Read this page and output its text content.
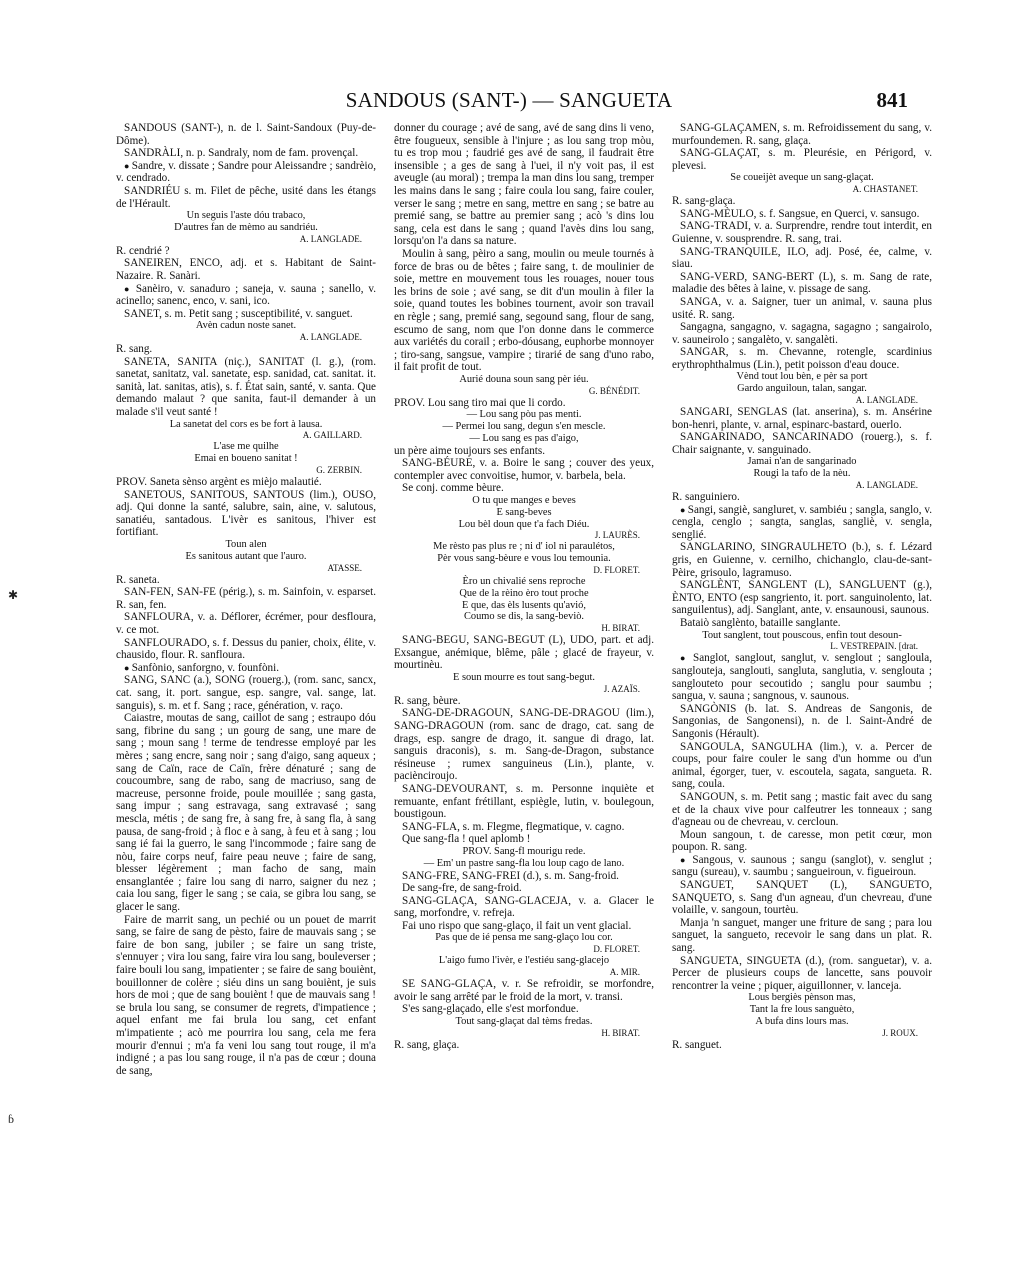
SANDOUS (SANT-) — SANGUETA	841

SANDOUS (SANT-), n. de l. Saint-Sandoux (Puy-de-Dôme).

SANDRÀLI, n. p. Sandraly, nom de fam. provençal.

● Sandre, v. dissate ; Sandre pour Aleissandre ; sandrèio, v. cendrado.

SANDRIÉU s. m. Filet de pêche, usité dans les étangs de l'Hérault.

Un seguis l'aste dóu trabaco,

D'autres fan de mèmo au sandriéu.

A. LANGLADE.

R. cendrié ?

SANEIREN, ENCO, adj. et s. Habitant de Saint-Nazaire. R. Sanàri.

● Sanèiro, v. sanaduro ; saneja, v. sauna ; sanello, v. acinello; sanenc, enco, v. sani, ico.

SANET, s. m. Petit sang ; susceptibilité, v. sanguet.

Avèn cadun noste sanet.

A. LANGLADE.

R. sang.

SANETA, SANITA (niç.), SANITAT (l. g.), (rom. sanetat, sanitatz, val. sanetate, esp. sanidad, cat. sanitat. it. sanità, lat. sanitas, atis), s. f. État sain, santé, v. santa. Que demando malaut ? que sanita, faut-il demander à un malade s'il veut santé !

La sanetat del cors es be fort à lausa.

A. GAILLARD.

L'ase me quilhe

Emai en boueno sanitat !

G. ZERBIN.

PROV. Saneta sènso argènt es mièjo malautié.

SANETOUS, SANITOUS, SANTOUS (lim.), OUSO, adj. Qui donne la santé, salubre, sain, aine, v. salutous, sanatiéu, santadous. L'ivèr es sanitous, l'hiver est fortifiant.

Toun alen

Es sanitous autant que l'auro.

ATASSE.

R. saneta.

SAN-FEN, SAN-FE (périg.), s. m. Sainfoin, v. esparset. R. san, fen.

SANFLOURA, v. a. Déflorer, écrémer, pour desflourа, v. ce mot.

SANFLOURADO, s. f. Dessus du panier, choix, élite, v. chausido, flour. R. sanfloura.

● Sanfònio, sanforgno, v. founfòni.

SANG, SANC (a.), SONG (rouerg.), (rom. sanc, sancx, cat. sang, it. port. sangue, esp. sangre, val. sange, lat. sanguis), s. m. et f. Sang ; race, génération, v. raço.

Caiastre, moutas de sang, caillot de sang ; estraupo dóu sang, fibrine du sang ; un gourg de sang, une mare de sang ; moun sang ! terme de tendresse employé par les mères ; sang encre, sang noir ; sang d'aigo, sang aqueux ; sang de Caïn, race de Caïn, frère dénaturé ; sang de coucoumbre, sang de rabo, sang de macriuso, sang de macreuse, personne froide, poule mouillée ; sang gasta, sang impur ; sang estravaga, sang extravasé ; sang mescla, métis ; de sang fre, à sang fre, à sang fla, à sang pausa, de sang-froid ; à floc e à sang, à feu et à sang ; lou sang ié fai la guerro, le sang l'incommode ; faire sang de nòu, faire corps neuf, faire peau neuve ; faire de sang, blesser légèrement ; man facho de sang, main ensanglantée ; faire lou sang di narro, saigner du nez ; caia lou sang, figer le sang ; se caia, se gibra lou sang, se glacer le sang.

Faire de marrit sang, un pechié ou un pouet de marrit sang, se faire de sang de pèsto, faire de mauvais sang ; se faire de bon sang, jubiler ; se faire un sang triste, s'ennuyer ; vira lou sang, faire vira lou sang, bouleverser ; faire bouli lou sang, impatienter ; se faire de sang bouiènt, bouillonner de colère ; siéu dins un sang bouiènt, je suis hors de moi ; que de sang bouiènt ! que de mauvais sang ! se brula lou sang, se consumer de regrets, d'impatience ; aquel enfant me fai brula lou sang, cet enfant m'impatiente ; acò me pourrira lou sang, cela me fera mourir d'ennui ; m'a fa veni lou sang tout rouge, il m'a indigné ; a pas lou sang rouge, il n'a pas de cœur ; douna de sang,

donner du courage ; avé de sang, avé de sang dins li veno, être fougueux, sensible à l'injure ; as lou sang trop mòu, tu es trop mou ; faudrié ges avé de sang, il faudrait être insensible ; a ges de sang à l'uei, il n'y voit pas, il est aveugle (au moral) ; trempa la man dins lou sang, tremper les mains dans le sang ; faire coula lou sang, faire couler, verser le sang ; metre en sang, mettre en sang ; se batre au premié sang, se battre au premier sang ; acò 's dins lou sang, cela est dans le sang ; quand l'avès dins lou sang, lorsqu'on l'a dans sa nature.

Moulin à sang, pèiro a sang, moulin ou meule tournés à force de bras ou de bêtes ; faire sang, t. de moulinier de soie, mettre en mouvement tous les rouages, nouer tous les brins de soie ; avé sang, se dit d'un moulin à filer la soie, quand toutes les bobines tournent, avoir son travail en règle ; sang, premié sang, segound sang, flour de sang, escumo de sang, nom que l'on donne dans le commerce aux variétés du corail ; erbo-dóusang, euphorbe monnoyer ; tiro-sang, sangsue, vampire ; tirarié de sang d'uno rabo, il fait profit de tout.

Aurié douna soun sang pèr iéu.

G. BÉNÉDIT.

PROV. Lou sang tiro mai que li cordo.

— Lou sang pòu pas menti.

— Permei lou sang, degun s'en mescle.

— Lou sang es pas d'aigo,

un père aime toujours ses enfants.

SANG-BÉURE, v. a. Boire le sang ; couver des yeux, contempler avec convoitise, humor, v. barbela, bela.

Se conj. comme bèure.

O tu que manges e beves

E sang-beves

Lou bèl doun que t'a fach Diéu.

J. LAURÈS.

Me rèsto pas plus re ; ni d' iol ni paraulétos,

Pèr vous sang-bèure e vous lou temouniа.

D. FLORET.

Èro un chivalié sens reproche

Que de la rèino èro tout proche

E que, das èls lusents qu'avió,

Coumo se dis, la sang-beviò.

H. BIRAT.

SANG-BEGU, SANG-BEGUT (L), UDO, part. et adj. Exsangue, anémique, blême, pâle ; glacé de frayeur, v. mourtinèu.

E soun mourre es tout sang-begut.

J. AZAÏS.

R. sang, bèure.

SANG-DE-DRAGOUN, SANG-DE-DRAGOU (lim.), SANG-DRAGOUN (rom. sanc de drago, cat. sang de drags, esp. sangre de drago, it. sangue di drago, lat. sanguis draconis), s. m. Sang-de-Dragon, substance résineuse ; rumex sanguineus (Lin.), plante, v. paciènciroujo.

SANG-DEVOURANT, s. m. Personne inquiète et remuante, enfant frétillant, espiègle, lutin, v. boulegoun, boustigoun.

SANG-FLA, s. m. Flegme, flegmatique, v. cagno.

Que sang-fla ! quel aplomb !

PROV. Sang-fl mourigu rede.

— Em' un pastre sang-fla lou loup cago de lano.

SANG-FRE, SANG-FREI (d.), s. m. Sang-froid.

De sang-fre, de sang-froid.

SANG-GLAÇA, SANG-GLACEJA, v. a. Glacer le sang, morfondre, v. refreja.

Fai uno rispo que sang-glaço, il fait un vent glacial.

Pas que de ié pensa me sang-glaço lou cor.

D. FLORET.

L'aigo fumo l'ivèr, e l'estiéu sang-glacejo

A. MIR.

SE SANG-GLAÇA, v. r. Se refroidir, se morfondre, avoir le sang arrêté par le froid de la mort, v. transi.

S'es sang-glaçado, elle s'est morfondue.

Tout sang-glaçat dal tèms fredas.

H. BIRAT.

R. sang, glaça.

SANG-GLAÇAMEN, s. m. Refroidissement du sang, v. murfoundemen. R. sang, glaça.

SANG-GLAÇAT, s. m. Pleurésie, en Périgord, v. plevesi.

Se coueijèt aveque un sang-glaçat.

A. CHASTANET.

R. sang-glaça.

SANG-MÈULO, s. f. Sangsue, en Querci, v. sansugo.

SANG-TRADI, v. a. Surprendre, rendre tout interdit, en Guienne, v. sousprendre. R. sang, trai.

SANG-TRANQUILE, ILO, adj. Posé, ée, calme, v. siau.

SANG-VERD, SANG-BERT (L), s. m. Sang de rate, maladie des bêtes à laine, v. pissage de sang.

SANGA, v. a. Saigner, tuer un animal, v. sauna plus usité. R. sang.

Sangagna, sangagno, v. sagagna, sagagno ; sangairolo, v. sauneirolo ; sangalèto, v. sangalèti.

SANGAR, s. m. Chevanne, rotengle, scardinius erythrophthalmus (Lin.), petit poisson d'eau douce.

Vènd tout lou bèn, e pèr sa port

Gardo anguiloun, talan, sangar.

A. LANGLADE.

SANGARI, SENGLAS (lat. anserina), s. m. Ansérine bon-henri, plante, v. arnal, espinarc-bastard, ouerlo.

SANGARINADO, SANCARINADO (rouerg.), s. f. Chair saignante, v. sanguinado.

Jamai n'an de sangarinado

Rougi la tafo de la nèu.

A. LANGLADE.

R. sanguiniero.

● Sangi, sangiè, sangluret, v. sambiéu ; sangla, sanglo, v. cengla, cenglo ; sangta, sanglas, sangliè, v. sengla, senglié.

SANGLARINO, SINGRAULHETO (b.), s. f. Lézard gris, en Guienne, v. cernilho, chichanglo, clau-de-sant-Pèire, grisoulo, lagramuso.

SANGLÈNT, SANGLENT (L), SANGLUENT (g.), ÈNTO, ENTO (esp sangriento, it. port. sanguinolento, lat. sanguilentus), adj. Sanglant, ante, v. ensaunousi, saunous.

Bataiò sanglènto, bataille sanglante.

Tout sanglent, tout pouscous, enfin tout desoun-

L. VESTREPAIN. [drat.

● Sanglot, sanglout, sanglut, v. senglout ; sangloula, sanglouteja, sanglouti, sanglutа, sanglutia, v. senglouta ; sanglouteto pour secoutido ; sanglu pour saumbu ; sangua, v. sauna ; sangnous, v. saunous.

SANGÒNIS (b. lat. S. Andreas de Sangonis, de Sangonias, de Sangonensi), n. de l. Saint-André de Sangonis (Hérault).

SANGOULA, SANGULHA (lim.), v. a. Percer de coups, pour faire couler le sang d'un homme ou d'un animal, égorger, tuer, v. escoutela, sagata, sangueta. R. sang, coula.

SANGOUN, s. m. Petit sang ; mastic fait avec du sang et de la chaux vive pour calfeutrer les tonneaux ; sang d'agneau ou de chevreau, v. cercloun.

Moun sangoun, t. de caresse, mon petit cœur, mon poupon. R. sang.

● Sangous, v. saunous ; sangu (sanglot), v. senglut ; sangu (sureau), v. saumbu ; sangueiroun, v. figueiroun.

SANGUET, SANQUET (L), SANGUETO, SANQUETO, s. Sang d'un agneau, d'un chevreau, d'une volaille, v. sangoun, tourtèu.

Manja 'n sanguet, manger une friture de sang ; para lou sanguet, la sangueto, recevoir le sang dans un plat. R. sang.

SANGUETA, SINGUETA (d.), (rom. sanguetar), v. a. Percer de plusieurs coups de lancette, sans pouvoir rencontrer la veine ; piquer, aiguillonner, v. lanceja.

Lous bergiès pènson mas,

Tant la fre lous sanguèto,

A bufa dins lours mas.

J. ROUX.

R. sanguet.

✱
ɓ
